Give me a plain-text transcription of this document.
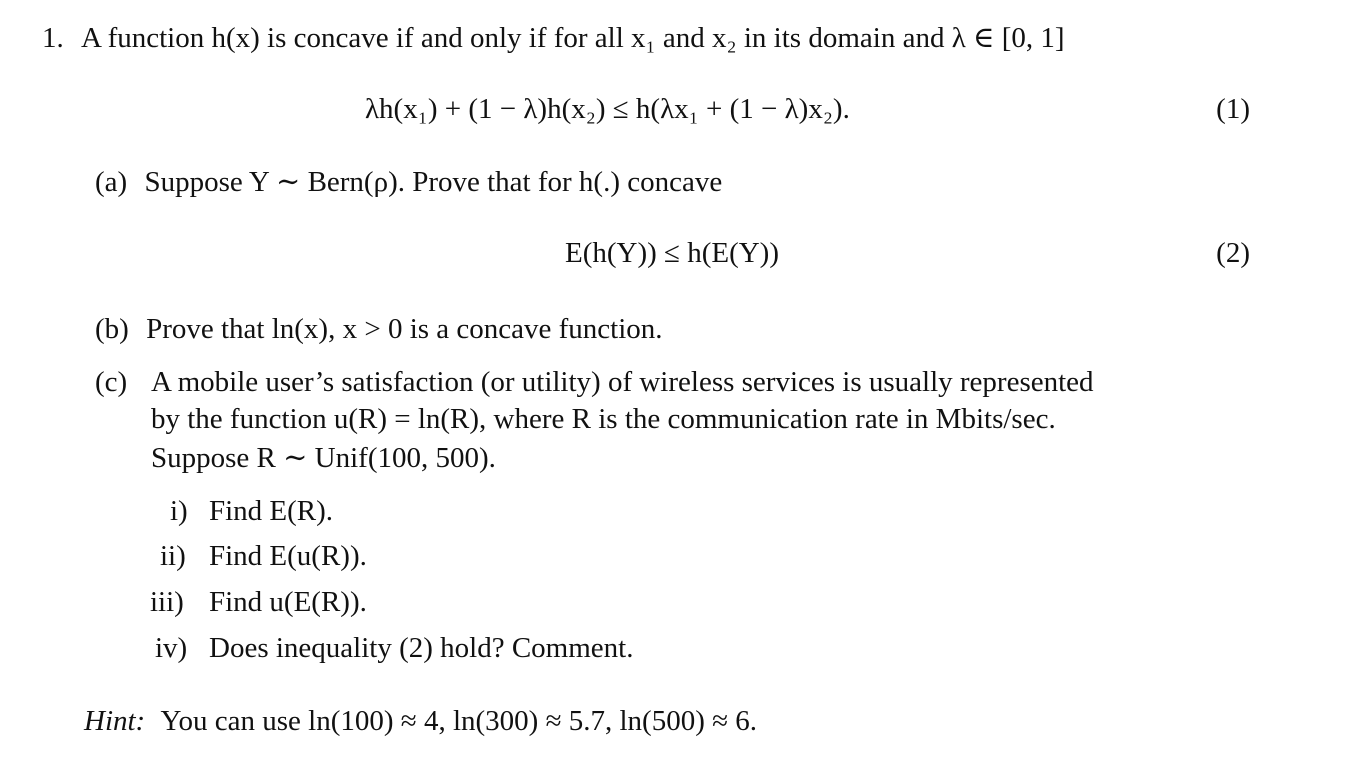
1. A function h(x) is concave if and only if for all x₁ and x₂ in its domain and λ ∈ [0, 1]
λh(x₁) + (1 − λ)h(x₂) ≤ h(λx₁ + (1 − λ)x₂).	(1)
(a) Suppose Y ∼ Bern(ρ). Prove that for h(.) concave
E(h(Y)) ≤ h(E(Y))	(2)
(b) Prove that ln(x), x > 0 is a concave function.
(c) A mobile user’s satisfaction (or utility) of wireless services is usually represented
by the function u(R) = ln(R), where R is the communication rate in Mbits/sec.
Suppose R ∼ Unif(100, 500).
i) Find E(R).
ii) Find E(u(R)).
iii) Find u(E(R)).
iv) Does inequality (2) hold? Comment.
Hint: You can use ln(100) ≈ 4, ln(300) ≈ 5.7, ln(500) ≈ 6.
